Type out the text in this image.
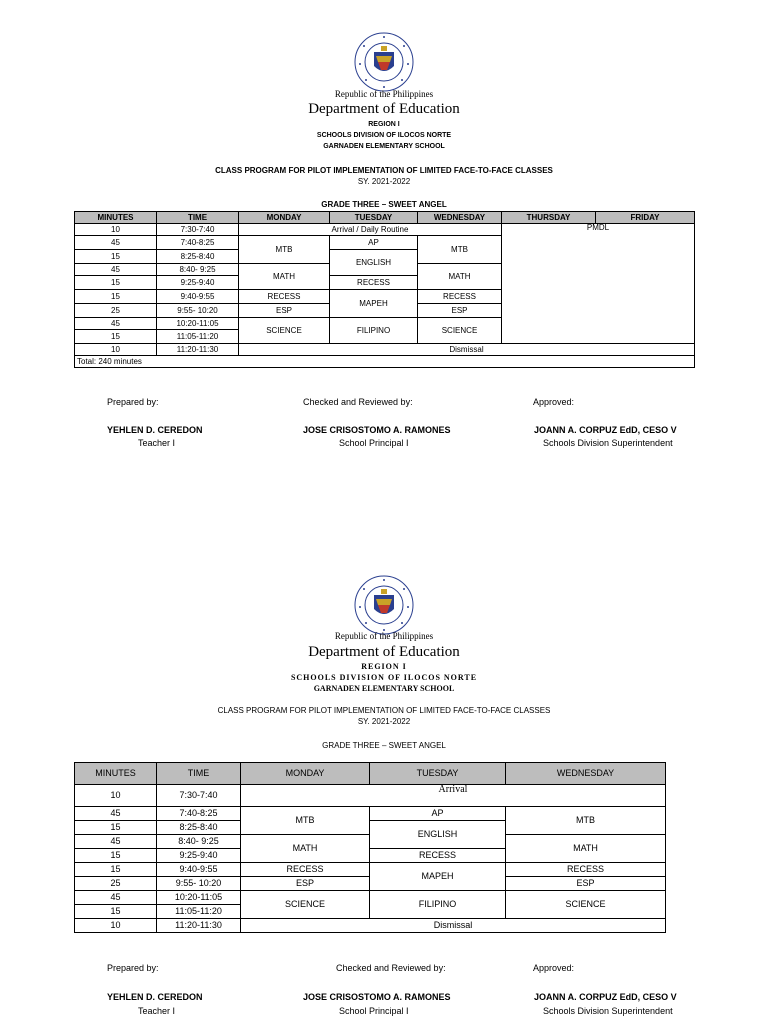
Republic of the Philippines
Department of Education
REGION I
SCHOOLS DIVISION OF ILOCOS NORTE
GARNADEN ELEMENTARY SCHOOL
CLASS PROGRAM FOR PILOT IMPLEMENTATION OF LIMITED FACE-TO-FACE CLASSES
SY. 2021-2022
GRADE THREE – SWEET ANGEL
MINUTES	TIME	MONDAY	TUESDAY	WEDNESDAY	THURSDAY	FRIDAY
10	7:30-7:40	Arrival / Daily Routine			PMDL	
45	7:40-8:25	MTB	AP	MTB		
15	8:25-8:40		ENGLISH			
45	8:40- 9:25	MATH		MATH		
15	9:25-9:40		RECESS			
15	9:40-9:55	RECESS	MAPEH	RECESS		
25	9:55- 10:20	ESP		ESP		
45	10:20-11:05	SCIENCE	FILIPINO	SCIENCE		
15	11:05-11:20					
10	11:20-11:30	Dismissal				
Total: 240 minutes						
Prepared by:	Checked and Reviewed by:	Approved:
YEHLEN D. CEREDON
Teacher I
JOSE CRISOSTOMO A. RAMONES
School Principal I
JOANN A. CORPUZ EdD, CESO V
Schools Division Superintendent
Republic of the Philippines
Department of Education
REGION I
SCHOOLS DIVISION OF ILOCOS NORTE
GARNADEN ELEMENTARY SCHOOL
CLASS PROGRAM FOR PILOT IMPLEMENTATION OF LIMITED FACE-TO-FACE CLASSES
SY. 2021-2022
GRADE THREE – SWEET ANGEL
MINUTES	TIME	MONDAY	TUESDAY	WEDNESDAY
10	7:30-7:40	Arrival		
45	7:40-8:25	MTB	AP	MTB
15	8:25-8:40		ENGLISH	
45	8:40- 9:25	MATH		MATH
15	9:25-9:40		RECESS	
15	9:40-9:55	RECESS	MAPEH	RECESS
25	9:55- 10:20	ESP		ESP
45	10:20-11:05	SCIENCE	FILIPINO	SCIENCE
15	11:05-11:20			
10	11:20-11:30	Dismissal		
Prepared by:	Checked and Reviewed by:	Approved:
YEHLEN D. CEREDON
Teacher I
JOSE CRISOSTOMO A. RAMONES
School Principal I
JOANN A. CORPUZ EdD, CESO V
Schools Division Superintendent
